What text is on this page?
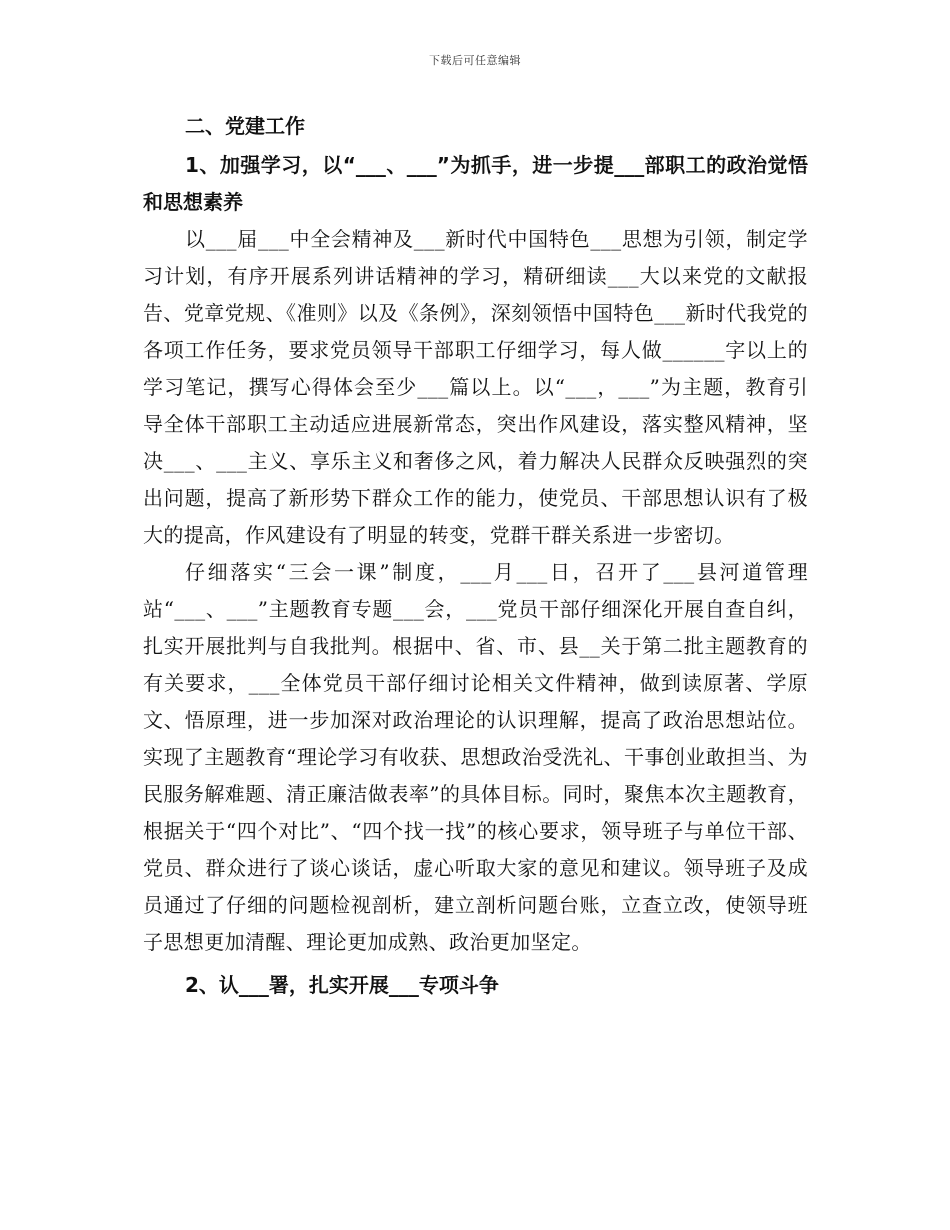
下载后可任意编辑

二、党建工作

1、加强学习，以“___、___”为抓手，进一步提___部职工的政治觉悟和思想素养

以___届___中全会精神及___新时代中国特色___思想为引领，制定学习计划，有序开展系列讲话精神的学习，精研细读___大以来党的文献报告、党章党规、《准则》以及《条例》，深刻领悟中国特色___新时代我党的各项工作任务，要求党员领导干部职工仔细学习，每人做______字以上的学习笔记，撰写心得体会至少___篇以上。以“___，___”为主题，教育引导全体干部职工主动适应进展新常态，突出作风建设，落实整风精神，坚决___、___主义、享乐主义和奢侈之风，着力解决人民群众反映强烈的突出问题，提高了新形势下群众工作的能力，使党员、干部思想认识有了极大的提高，作风建设有了明显的转变，党群干群关系进一步密切。

仔细落实“三会一课”制度，___月___日，召开了___县河道管理站“___、___”主题教育专题___会，___党员干部仔细深化开展自查自纠，扎实开展批判与自我批判。根据中、省、市、县__关于第二批主题教育的有关要求，___全体党员干部仔细讨论相关文件精神，做到读原著、学原文、悟原理，进一步加深对政治理论的认识理解，提高了政治思想站位。实现了主题教育“理论学习有收获、思想政治受洗礼、干事创业敢担当、为民服务解难题、清正廉洁做表率”的具体目标。同时，聚焦本次主题教育，根据关于“四个对比”、“四个找一找”的核心要求，领导班子与单位干部、党员、群众进行了谈心谈话，虚心听取大家的意见和建议。领导班子及成员通过了仔细的问题检视剖析，建立剖析问题台账，立查立改，使领导班子思想更加清醒、理论更加成熟、政治更加坚定。

2、认___署，扎实开展___专项斗争
